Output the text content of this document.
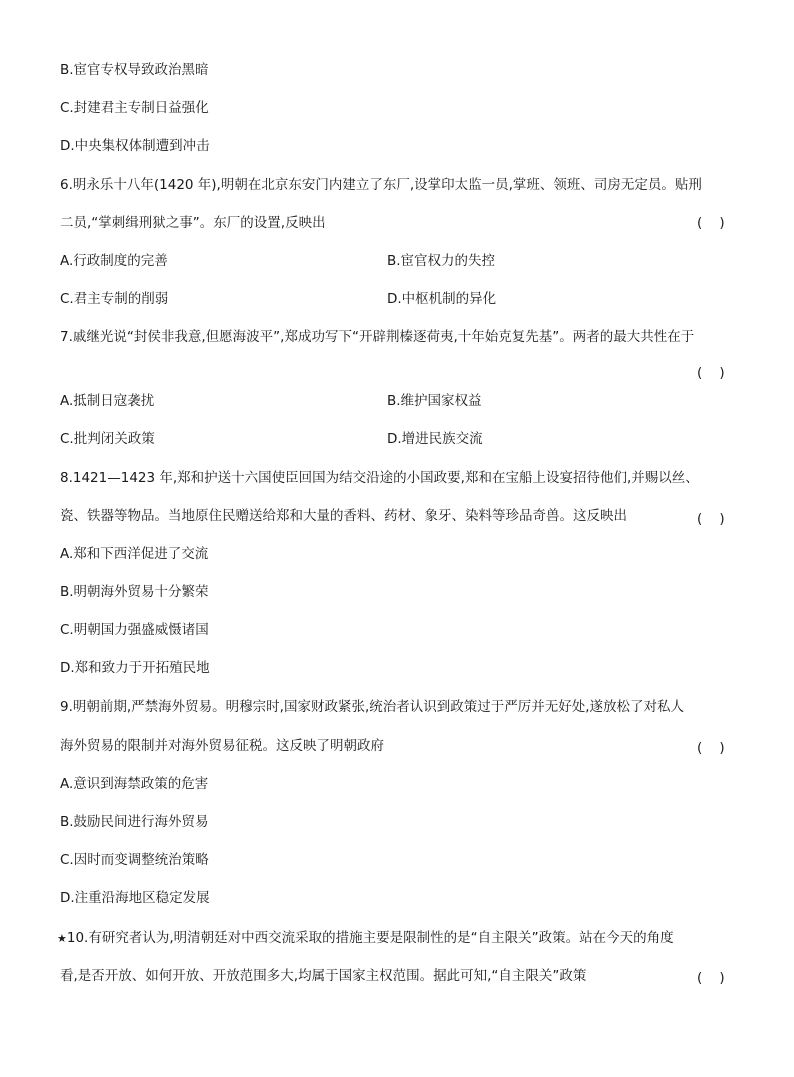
B.宦官专权导致政治黑暗
C.封建君主专制日益强化
D.中央集权体制遭到冲击
6.明永乐十八年(1420 年),明朝在北京东安门内建立了东厂,设掌印太监一员,掌班、领班、司房无定员。贴刑
二员,“掌刺缉刑狱之事”。东厂的设置,反映出	(    )
A.行政制度的完善	B.宦官权力的失控
C.君主专制的削弱	D.中枢机制的异化
7.戚继光说“封侯非我意,但愿海波平”,郑成功写下“开辟荆榛逐荷夷,十年始克复先基”。两者的最大共性在于
(    )
A.抵制日寇袭扰	B.维护国家权益
C.批判闭关政策	D.增进民族交流
8.1421—1423 年,郑和护送十六国使臣回国为结交沿途的小国政要,郑和在宝船上设宴招待他们,并赐以丝、
瓷、铁器等物品。当地原住民赠送给郑和大量的香料、药材、象牙、染料等珍品奇兽。这反映出	(    )
A.郑和下西洋促进了交流
B.明朝海外贸易十分繁荣
C.明朝国力强盛威慑诸国
D.郑和致力于开拓殖民地
9.明朝前期,严禁海外贸易。明穆宗时,国家财政紧张,统治者认识到政策过于严厉并无好处,遂放松了对私人
海外贸易的限制并对海外贸易征税。这反映了明朝政府	(    )
A.意识到海禁政策的危害
B.鼓励民间进行海外贸易
C.因时而变调整统治策略
D.注重沿海地区稳定发展
★10.有研究者认为,明清朝廷对中西交流采取的措施主要是限制性的是“自主限关”政策。站在今天的角度
看,是否开放、如何开放、开放范围多大,均属于国家主权范围。据此可知,“自主限关”政策	(    )
